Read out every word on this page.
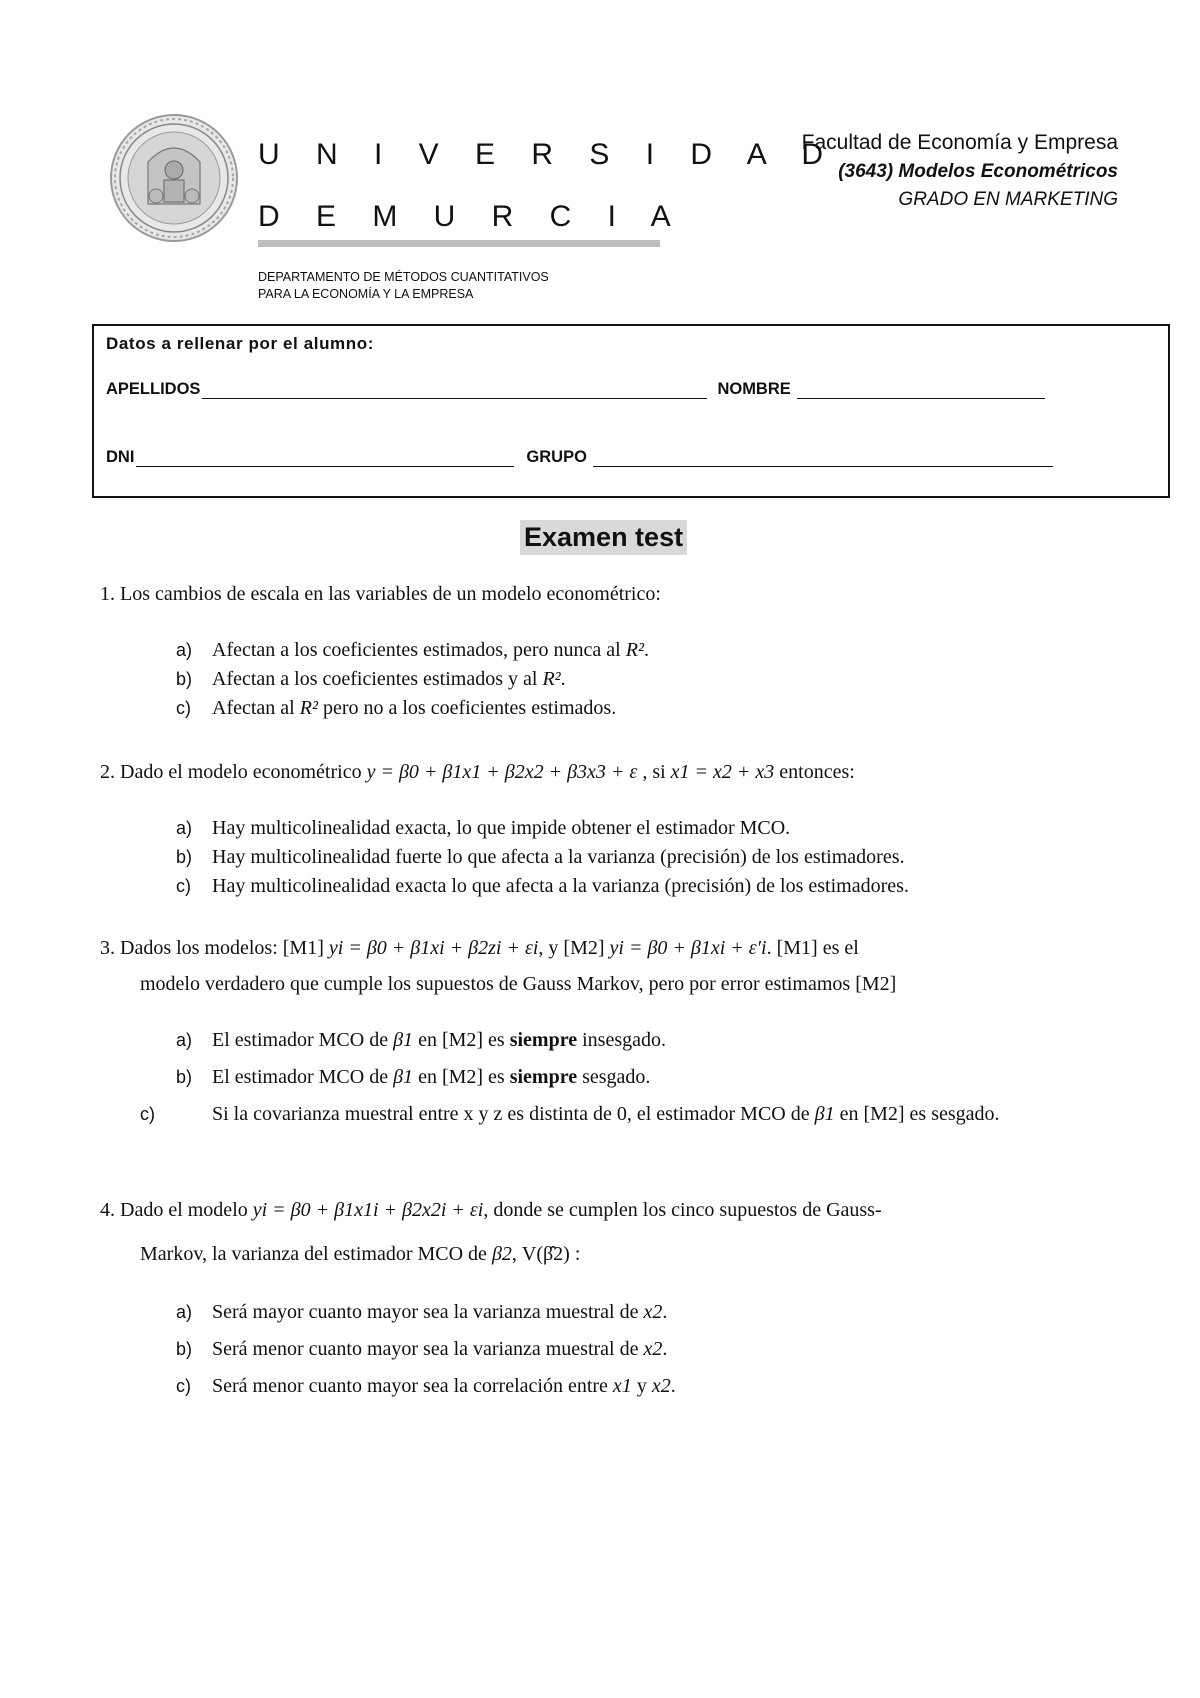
U N I V E R S I D A D
D E M U R C I A
DEPARTAMENTO DE MÉTODOS CUANTITATIVOS
PARA LA ECONOMÍA Y LA EMPRESA
Facultad de Economía y Empresa
(3643) Modelos Econométricos
GRADO EN MARKETING
Datos a rellenar por el alumno:
APELLIDOS	NOMBRE
DNI	GRUPO
Examen test
1. Los cambios de escala en las variables de un modelo econométrico:
a) Afectan a los coeficientes estimados, pero nunca al R².
b) Afectan a los coeficientes estimados y al R².
c) Afectan al R² pero no a los coeficientes estimados.
2. Dado el modelo econométrico y = β0 + β1x1 + β2x2 + β3x3 + ε , si x1 = x2 + x3 entonces:
a) Hay multicolinealidad exacta, lo que impide obtener el estimador MCO.
b) Hay multicolinealidad fuerte lo que afecta a la varianza (precisión) de los estimadores.
c) Hay multicolinealidad exacta lo que afecta a la varianza (precisión) de los estimadores.
3. Dados los modelos: [M1] yi = β0 + β1xi + β2zi + εi, y [M2] yi = β0 + β1xi + ε′i. [M1] es el
modelo verdadero que cumple los supuestos de Gauss Markov, pero por error estimamos [M2]
a) El estimador MCO de β1 en [M2] es siempre insesgado.
b) El estimador MCO de β1 en [M2] es siempre sesgado.
c)	Si la covarianza muestral entre x y z es distinta de 0, el estimador MCO de β1 en [M2] es sesgado.
4. Dado el modelo yi = β0 + β1x1i + β2x2i + εi, donde se cumplen los cinco supuestos de Gauss-
Markov, la varianza del estimador MCO de β2, V(β̂2) :
a) Será mayor cuanto mayor sea la varianza muestral de x2.
b) Será menor cuanto mayor sea la varianza muestral de x2.
c) Será menor cuanto mayor sea la correlación entre x1 y x2.
